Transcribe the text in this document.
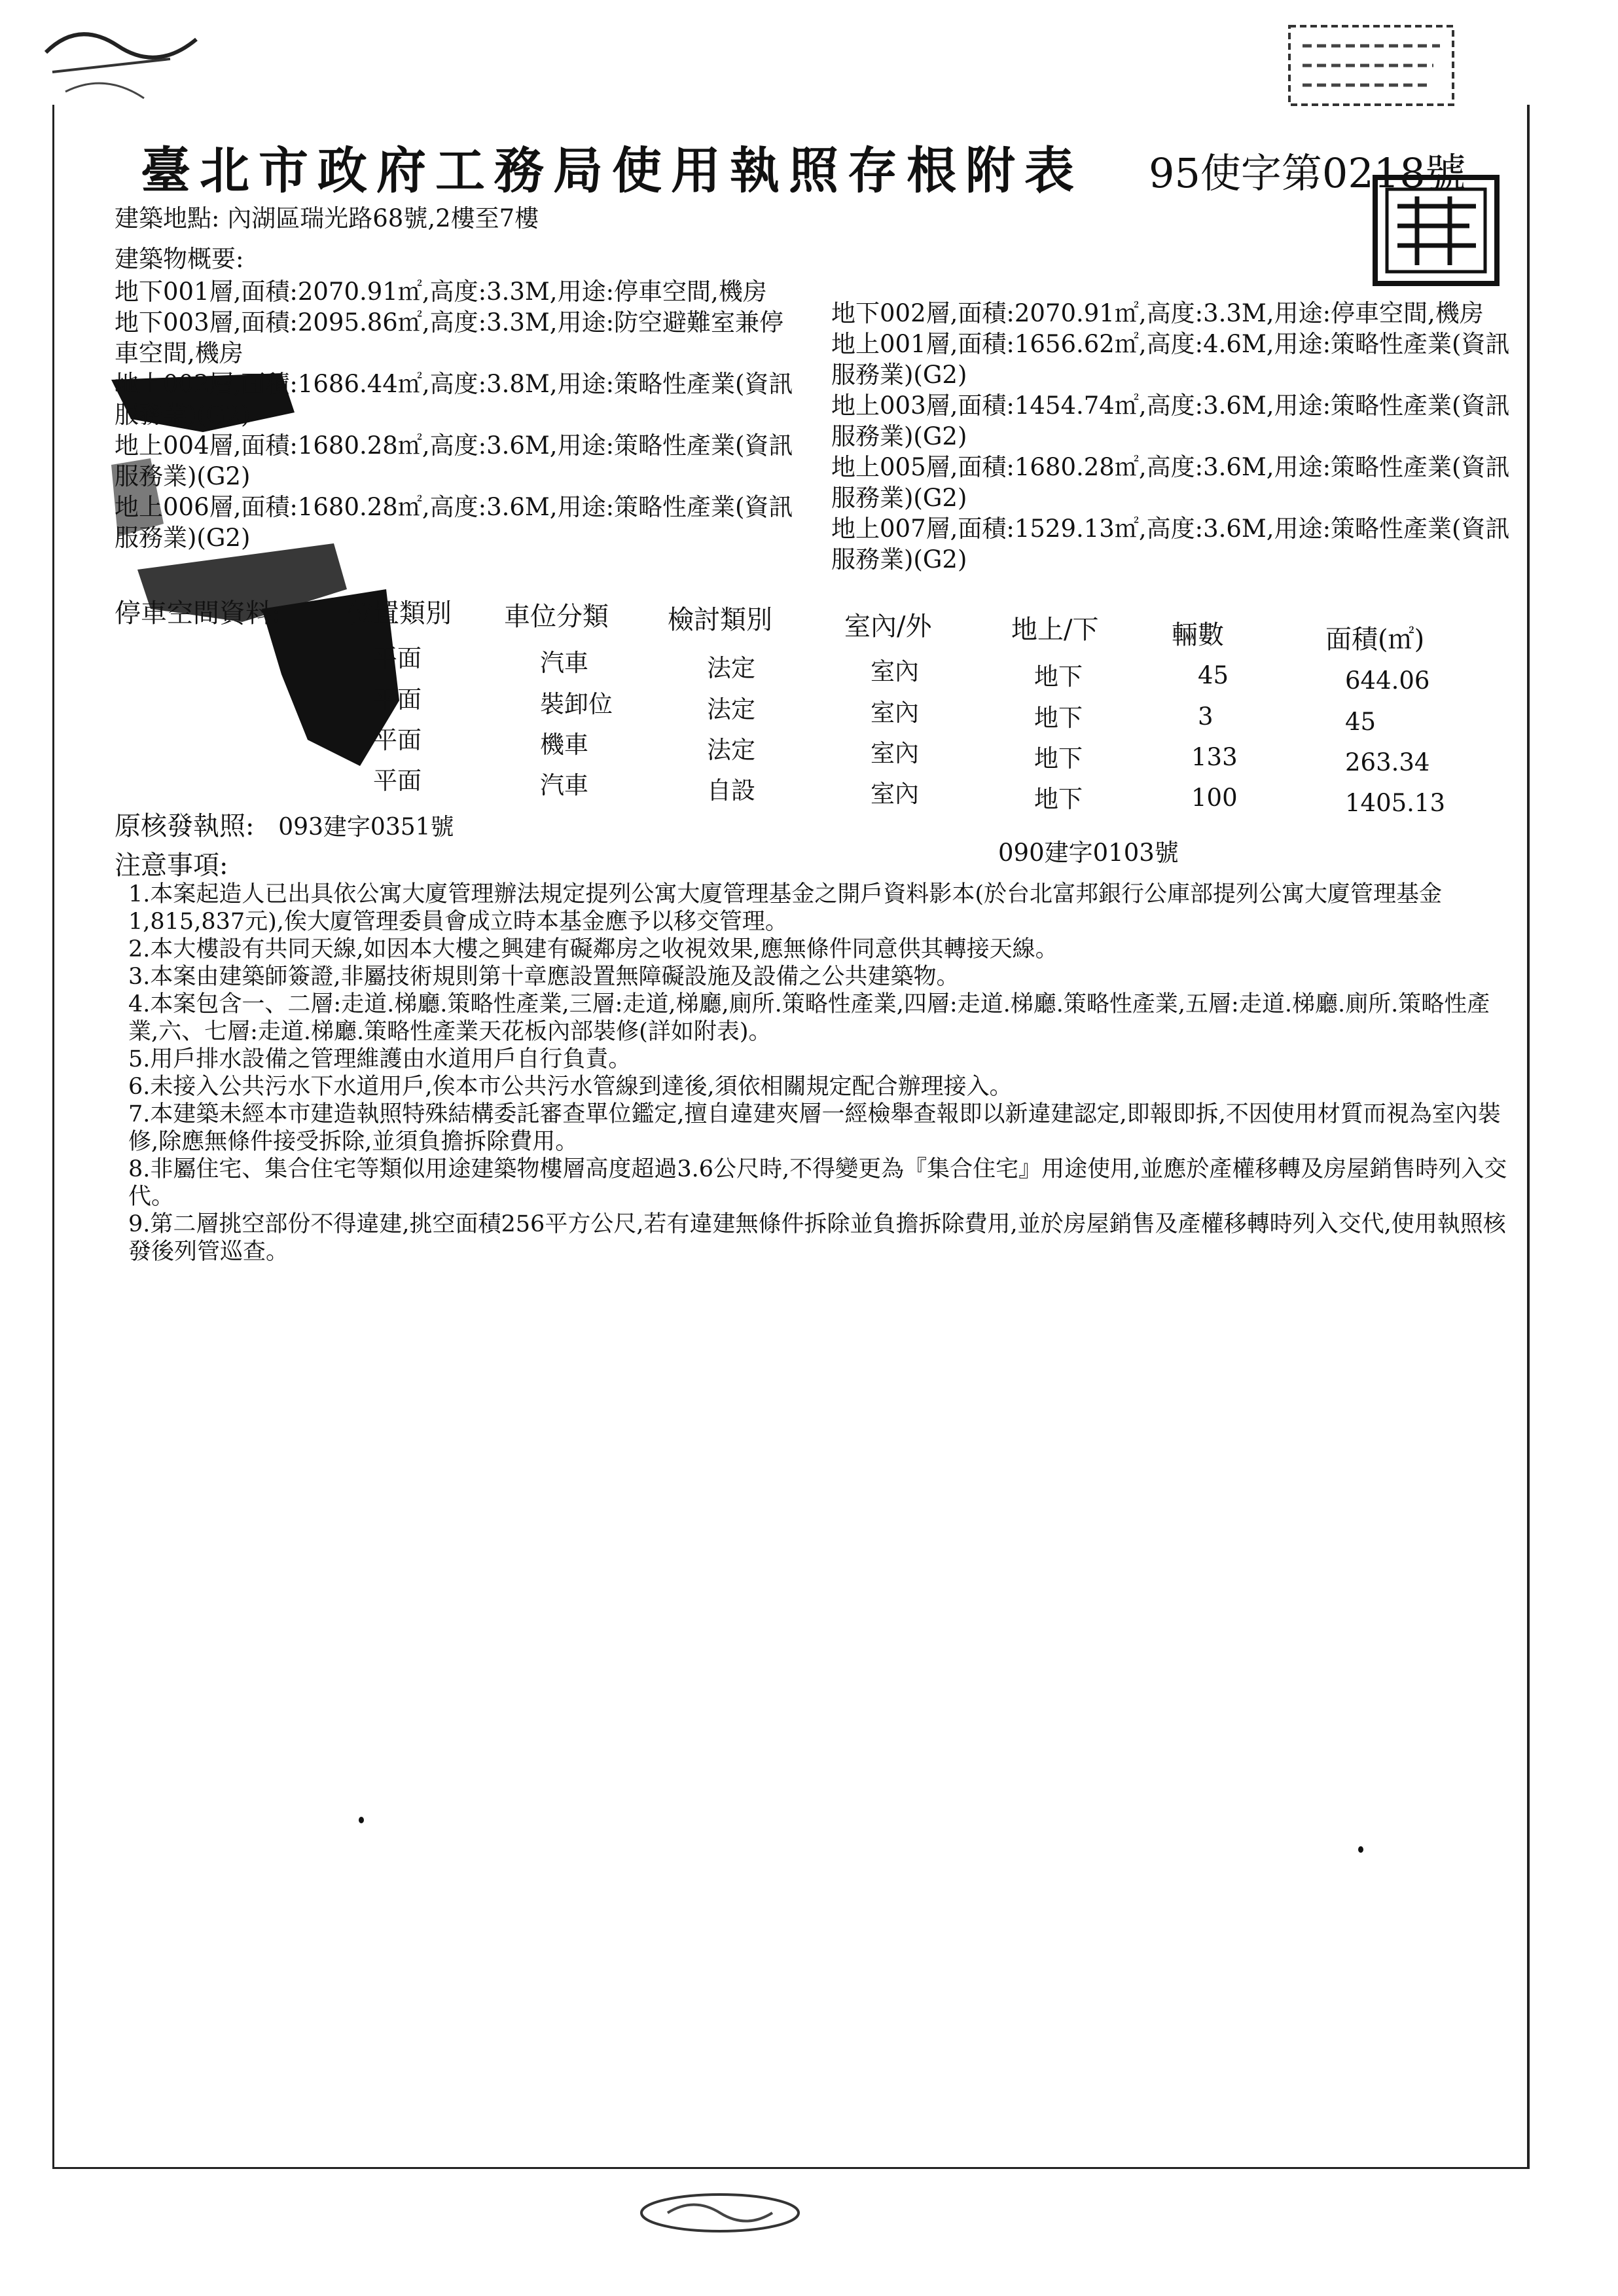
臺北市政府工務局使用執照存根附表 95使字第0218號
建築地點: 內湖區瑞光路68號,2樓至7樓
建築物概要:
地下001層,面積:2070.91㎡,高度:3.3M,用途:停車空間,機房
地下003層,面積:2095.86㎡,高度:3.3M,用途:防空避難室兼停
車空間,機房
地上002層,面積:1686.44㎡,高度:3.8M,用途:策略性產業(資訊
服務業)(G2)
地上004層,面積:1680.28㎡,高度:3.6M,用途:策略性產業(資訊
服務業)(G2)
地上006層,面積:1680.28㎡,高度:3.6M,用途:策略性產業(資訊
服務業)(G2)
地下002層,面積:2070.91㎡,高度:3.3M,用途:停車空間,機房
地上001層,面積:1656.62㎡,高度:4.6M,用途:策略性產業(資訊
服務業)(G2)
地上003層,面積:1454.74㎡,高度:3.6M,用途:策略性產業(資訊
服務業)(G2)
地上005層,面積:1680.28㎡,高度:3.6M,用途:策略性產業(資訊
服務業)(G2)
地上007層,面積:1529.13㎡,高度:3.6M,用途:策略性產業(資訊
服務業)(G2)
停車空間資料:	位置類別 車位分類 檢討類別	室內/外	地上/下	輛數	面積(㎡)
平面	汽車	法定	室內	地下	45	644.06
平面	裝卸位	法定	室內	地下	3	45
平面	機車	法定	室內	地下	133	263.34
平面	汽車	自設	室內	地下	100	1405.13
原核發執照: 093建字0351號
090建字0103號
注意事項:
1.本案起造人已出具依公寓大廈管理辦法規定提列公寓大廈管理基金之開戶資料影本(於台北富邦銀行公庫部提列公寓大廈管理基金1,815,837元),俟大廈管理委員會成立時本基金應予以移交管理。
2.本大樓設有共同天線,如因本大樓之興建有礙鄰房之收視效果,應無條件同意供其轉接天線。
3.本案由建築師簽證,非屬技術規則第十章應設置無障礙設施及設備之公共建築物。
4.本案包含一、二層:走道.梯廳.策略性產業,三層:走道,梯廳,廁所.策略性產業,四層:走道.梯廳.策略性產業,五層:走道.梯廳.廁所.策略性產業,六、七層:走道.梯廳.策略性產業天花板內部裝修(詳如附表)。
5.用戶排水設備之管理維護由水道用戶自行負責。
6.未接入公共污水下水道用戶,俟本市公共污水管線到達後,須依相關規定配合辦理接入。
7.本建築未經本市建造執照特殊結構委託審查單位鑑定,擅自違建夾層一經檢舉查報即以新違建認定,即報即拆,不因使用材質而視為室內裝修,除應無條件接受拆除,並須負擔拆除費用。
8.非屬住宅、集合住宅等類似用途建築物樓層高度超過3.6公尺時,不得變更為『集合住宅』用途使用,並應於產權移轉及房屋銷售時列入交代。
9.第二層挑空部份不得違建,挑空面積256平方公尺,若有違建無條件拆除並負擔拆除費用,並於房屋銷售及產權移轉時列入交代,使用執照核發後列管巡查。
